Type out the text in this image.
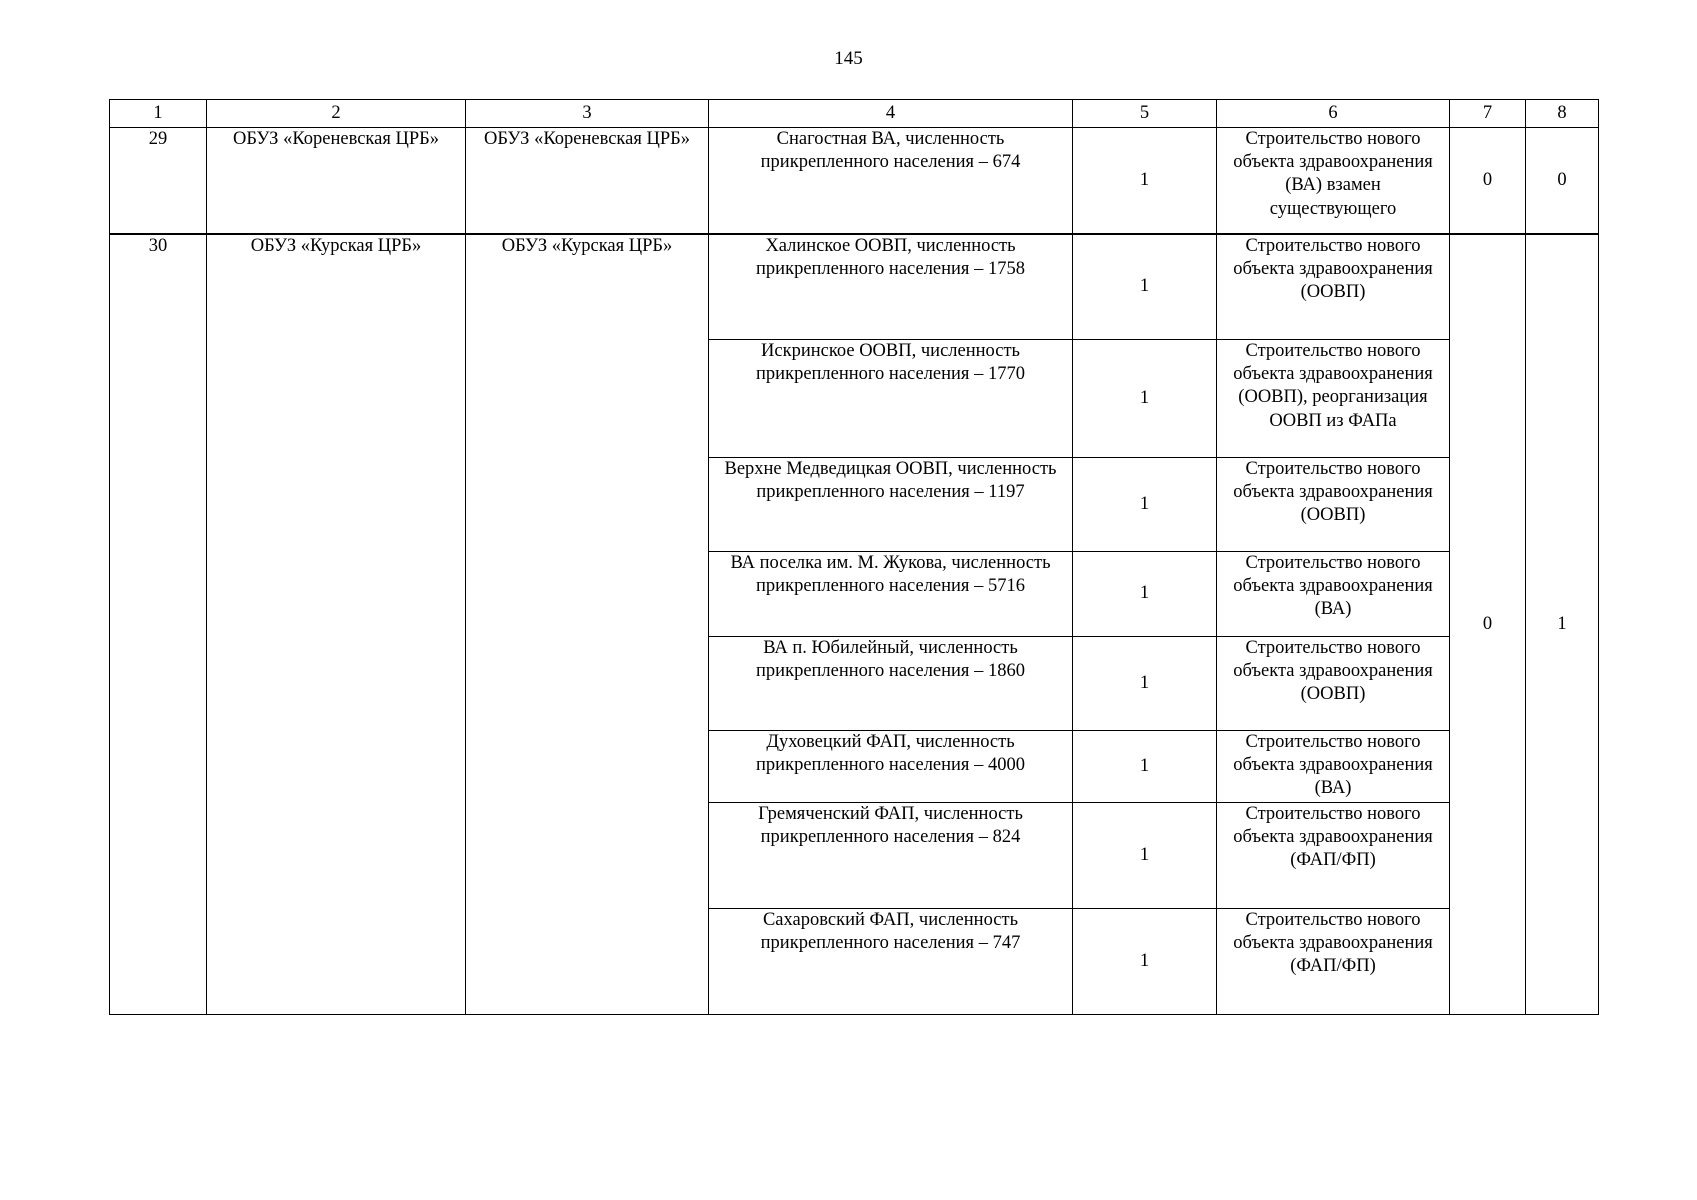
145
1	2	3	4	5	6	7	8
29	ОБУЗ «Кореневская ЦРБ»	ОБУЗ «Кореневская ЦРБ»	Снагостная ВА, численность прикрепленного населения – 674	1	Строительство нового объекта здравоохранения (ВА) взамен существующего	0	0
30	ОБУЗ «Курская ЦРБ»	ОБУЗ «Курская ЦРБ»	Халинское ООВП, численность прикрепленного населения – 1758	1	Строительство нового объекта здравоохранения (ООВП)	0	1
			Искринское ООВП, численность прикрепленного населения – 1770	1	Строительство нового объекта здравоохранения (ООВП), реорганизация ООВП из ФАПа		
			Верхне Медведицкая ООВП, численность прикрепленного населения – 1197	1	Строительство нового объекта здравоохранения (ООВП)		
			ВА поселка им. М. Жукова, численность прикрепленного населения – 5716	1	Строительство нового объекта здравоохранения (ВА)		
			ВА п. Юбилейный, численность прикрепленного населения – 1860	1	Строительство нового объекта здравоохранения (ООВП)		
			Духовецкий ФАП, численность прикрепленного населения – 4000	1	Строительство нового объекта здравоохранения (ВА)		
			Гремяченский ФАП, численность прикрепленного населения – 824	1	Строительство нового объекта здравоохранения (ФАП/ФП)		
			Сахаровский ФАП, численность прикрепленного населения – 747	1	Строительство нового объекта здравоохранения (ФАП/ФП)		
